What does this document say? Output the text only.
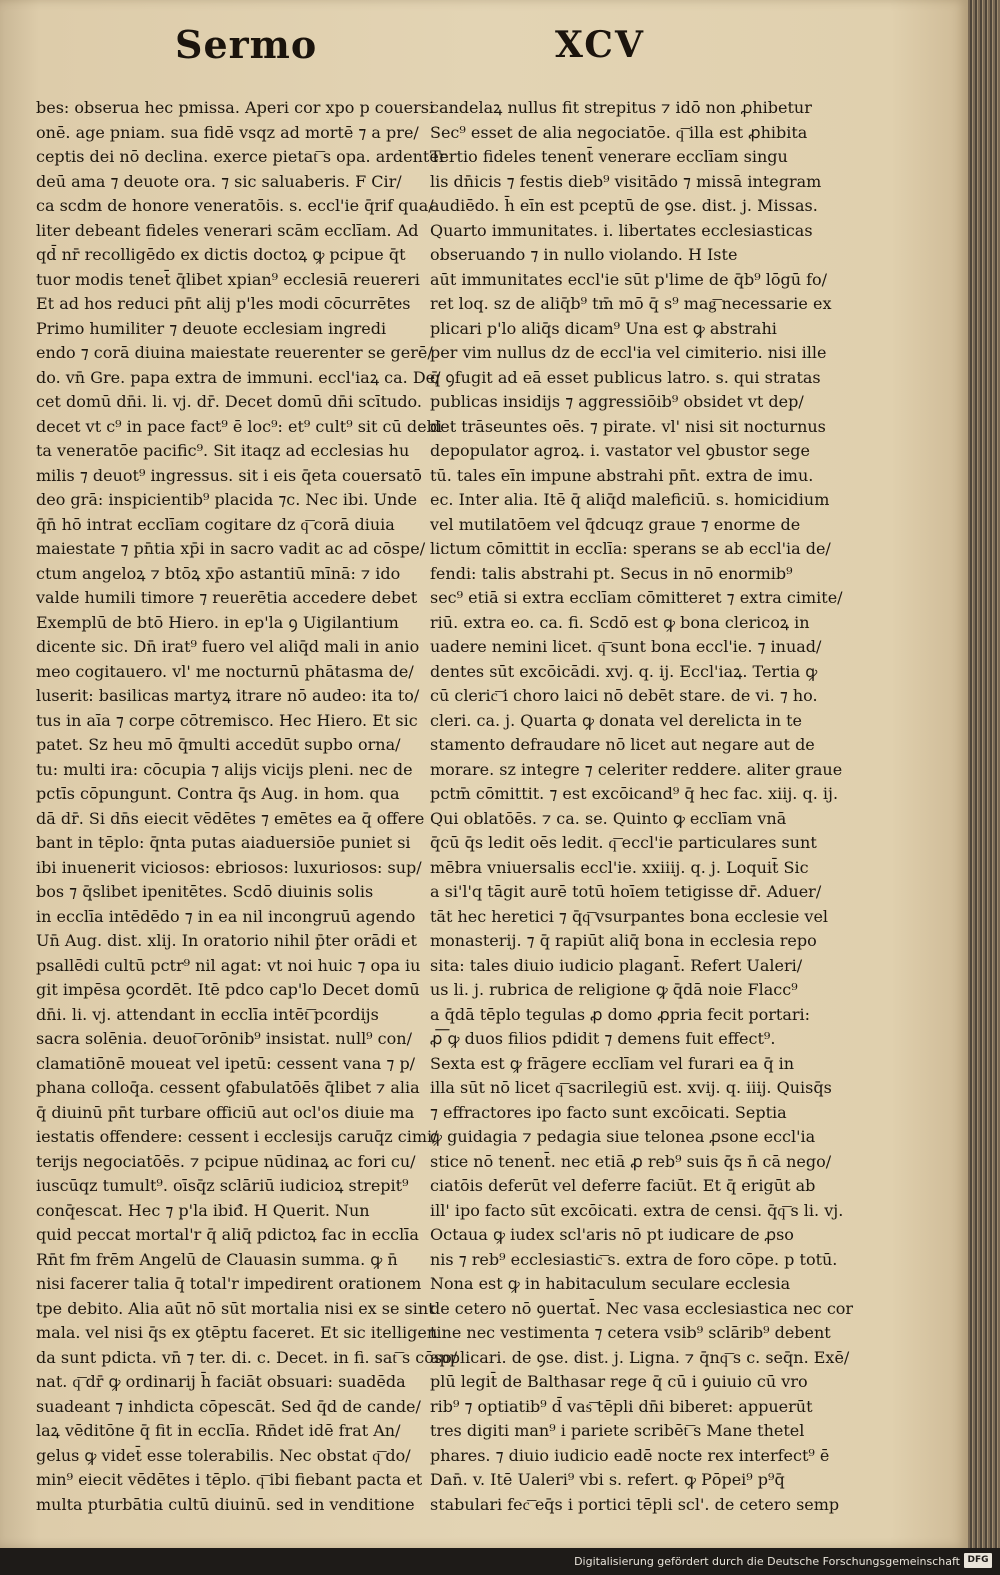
Sermo	XCV
bes: obserua hec pmissa. Aperi cor xpo p couersi
onē. age pniam. sua fidē vsqz ad mortē ⁊ a pre/
ceptis dei nō declina. exerce pietat͞ s opa. ardenter
deū ama ⁊ deuote ora. ⁊ sic saluaberis. F Cir/
ca scdm de honore veneratōis. s. eccl'ie q̄rif qua/
liter debeant fideles venerari scām ecclīam. Ad
qd̄ nr̄ recolligēdo ex dictis doctoꝝ ꝙ pcipue q̄t
tuor modis tenet̄ q̄libet xpian⁹ ecclesiā reuereri
Et ad hos reduci pn̄t alij p'les modi cōcurrētes
Primo humiliter ⁊ deuote ecclesiam ingredi
endo ⁊ corā diuina maiestate reuerenter se gerē/
do. vn̄ Gre. papa extra de immuni. eccl'iaꝝ ca. De/
cet domū dn̄i. li. vj. dr̄. Decet domū dn̄i scītudo.
decet vt c⁹ in pace fact⁹ ē loc⁹: et⁹ cult⁹ sit cū debi
ta veneratōe pacific⁹. Sit itaqz ad ecclesias hu
milis ⁊ deuot⁹ ingressus. sit i eis q̄eta couersatō
deo grā: inspicientib⁹ placida ⁊c. Nec ibi. Unde
q̄n̄ hō intrat ecclīam cogitare dz q͞ corā diuia
maiestate ⁊ pn̄tia xp̄i in sacro vadit ac ad cōspe/
ctum angeloꝝ ⁊ btōꝝ xp̄o astantiū mīnā: ⁊ ido
valde humili timore ⁊ reuerētia accedere debet
Exemplū de btō Hiero. in ep'la ꝯ Uigilantium
dicente sic. Dn̄ irat⁹ fuero vel aliq̄d mali in anio
meo cogitauero. vl' me nocturnū phātasma de/
luserit: basilicas martyꝝ itrare nō audeo: ita to/
tus in aīa ⁊ corpe cōtremisco. Hec Hiero. Et sic
patet. Sz heu mō q̄multi accedūt supbo orna/
tu: multi ira: cōcupia ⁊ alijs vicijs pleni. nec de
pctīs cōpungunt. Contra q̄s Aug. in hom. qua
dā dr̄. Si dn̄s eiecit vēdētes ⁊ emētes ea q̄ offere
bant in tēplo: q̄nta putas aiaduersiōe puniet si
ibi inuenerit viciosos: ebriosos: luxuriosos: sup/
bos ⁊ q̄slibet ipenitētes. Scdō diuinis solis
in ecclīa intēdēdo ⁊ in ea nil incongruū agendo
Un̄ Aug. dist. xlij. In oratorio nihil p̄ter orādi et
psallēdi cultū pctr⁹ nil agat: vt noi huic ⁊ opa iu
git impēsa ꝯcordēt. Itē pdco cap'lo Decet domū
dn̄i. li. vj. attendant in ecclīa intēt͞ pcordijs
sacra solēnia. deuot͞ orōnib⁹ insistat. null⁹ con/
clamatiōnē moueat vel ipetū: cessent vana ⁊ p/
phana colloq̄a. cessent ꝯfabulatōēs q̄libet ⁊ alia
q̄ diuinū pn̄t turbare officiū aut ocl'os diuie ma
iestatis offendere: cessent i ecclesijs caruq̄z cimi/
terijs negociatōēs. ⁊ pcipue nūdinaꝝ ac fori cu/
iuscūqz tumult⁹. oīsq̄z sclāriū iudicioꝝ strepit⁹
conq̄escat. Hec ⁊ p'la ibiđ. H Querit. Nun
quid peccat mortal'r q̄ aliq̄ pdictoꝝ fac in ecclīa
Rn̄t fm frēm Angelū de Clauasin summa. ꝙ n̄
nisi facerer talia q̄ total'r impedirent orationem
tpe debito. Alia aūt nō sūt mortalia nisi ex se sint
mala. vel nisi q̄s ex ꝯtēptu faceret. Et sic itelligen
da sunt pdicta. vn̄ ⁊ ter. di. c. Decet. in fi. sat͞ s cōso/
nat. q͞ dr̄ ꝙ ordinarij h̄ faciāt obsuari: suadēda
suadeant ⁊ inhdicta cōpescāt. Sed q̄d de cande/
laꝝ vēditōne q̄ fit in ecclīa. Rn̄det idē frat An/
gelus ꝙ videt̄ esse tolerabilis. Nec obstat q͞ do/
min⁹ eiecit vēdētes i tēplo. q͞ ibi fiebant pacta et
multa pturbātia cultū diuinū. sed in venditione
candelaꝝ nullus fit strepitus ⁊ idō non ꝓhibetur
Sec⁹ esset de alia negociatōe. q͞ illa est ꝓhibita
Tertio fideles tenent̄ venerare ecclīam singu
lis dn̄icis ⁊ festis dieb⁹ visitādo ⁊ missā integram
audiēdo. h̄ eīn est pceptū de ꝯse. dist. j. Missas.
Quarto immunitates. i. libertates ecclesiasticas
obseruando ⁊ in nullo violando. H Iste
aūt immunitates eccl'ie sūt p'lime de q̄b⁹ lōgū fo/
ret loq. sz de aliq̄b⁹ tm̄ mō q̄ s⁹ mag͞ necessarie ex
plicari p'lo aliq̄s dicam⁹ Una est ꝙ abstrahi
per vim nullus dz de eccl'ia vel cimiterio. nisi ille
q̄ ꝯfugit ad eā esset publicus latro. s. qui stratas
publicas insidijs ⁊ aggressiōib⁹ obsidet vt dep/
det trāseuntes oēs. ⁊ pirate. vl' nisi sit nocturnus
depopulator agroꝝ. i. vastator vel ꝯbustor sege
tū. tales eīn impune abstrahi pn̄t. extra de imu.
ec. Inter alia. Itē q̄ aliq̄d maleficiū. s. homicidium
vel mutilatōem vel q̄dcuqz graue ⁊ enorme de
lictum cōmittit in ecclīa: sperans se ab eccl'ia de/
fendi: talis abstrahi pt. Secus in nō enormib⁹
sec⁹ etiā si extra ecclīam cōmitteret ⁊ extra cimite/
riū. extra eo. ca. fi. Scdō est ꝙ bona clericoꝝ in
uadere nemini licet. q͞ sunt bona eccl'ie. ⁊ inuad/
dentes sūt excōicādi. xvj. q. ij. Eccl'iaꝝ. Tertia ꝙ
cū cleric͞ i choro laici nō debēt stare. de vi. ⁊ ho.
cleri. ca. j. Quarta ꝙ donata vel derelicta in te
stamento defraudare nō licet aut negare aut de
morare. sz integre ⁊ celeriter reddere. aliter graue
pctm̄ cōmittit. ⁊ est excōicand⁹ q̄ hec fac. xiij. q. ij.
Qui oblatōēs. ⁊ ca. se. Quinto ꝙ ecclīam vnā
q̄cū q̄s ledit oēs ledit. q͞ eccl'ie particulares sunt
mēbra vniuersalis eccl'ie. xxiiij. q. j. Loquit̄ Sic
a si'l'q tāgit aurē totū hoīem tetigisse dr̄. Aduer/
tāt hec heretici ⁊ q̄q͞ vsurpantes bona ecclesie vel
monasterij. ⁊ q̄ rapiūt aliq̄ bona in ecclesia repo
sita: tales diuio iudicio plagant̄. Refert Ualeri/
us li. j. rubrica de religione ꝙ q̄dā noie Flacc⁹
a q̄dā tēplo tegulas ꝓ domo ꝓpria fecit portari:
ꝓ͞ ꝙ duos filios pdidit ⁊ demens fuit effect⁹.
Sexta est ꝙ frāgere ecclīam vel furari ea q̄ in
illa sūt nō licet q͞ sacrilegiū est. xvij. q. iiij. Quisq̄s
⁊ effractores ipo facto sunt excōicati. Septia
ꝙ guidagia ⁊ pedagia siue telonea ꝓsone eccl'ia
stice nō tenent̄. nec etiā ꝓ reb⁹ suis q̄s n̄ cā nego/
ciatōis deferūt vel deferre faciūt. Et q̄ erigūt ab
ill' ipo facto sūt excōicati. extra de censi. q̄q͞ s li. vj.
Octaua ꝙ iudex scl'aris nō pt iudicare de ꝓso
nis ⁊ reb⁹ ecclesiastic͞ s. extra de foro cōpe. p totū.
Nona est ꝙ in habitaculum seculare ecclesia
de cetero nō ꝯuertat̄. Nec vasa ecclesiastica nec cor
tine nec vestimenta ⁊ cetera vsib⁹ sclārib⁹ debent
applicari. de ꝯse. dist. j. Ligna. ⁊ q̄nq͞ s c. seq̄n. Exē/
plū legit̄ de Balthasar rege q̄ cū i ꝯuiuio cū vro
rib⁹ ⁊ optiatib⁹ d̄ vas͞ tēpli dn̄i biberet: appuerūt
tres digiti man⁹ i pariete scribēt͞ s Mane thetel
phares. ⁊ diuio iudicio eadē nocte rex interfect⁹ ē
Dan̄. v. Itē Ualeri⁹ vbi s. refert. ꝙ Pōpei⁹ p⁹q̄
stabulari fec͞ eq̄s i portici tēpli scl'. de cetero semp
Digitalisierung gefördert durch die Deutsche Forschungsgemeinschaft DFG
